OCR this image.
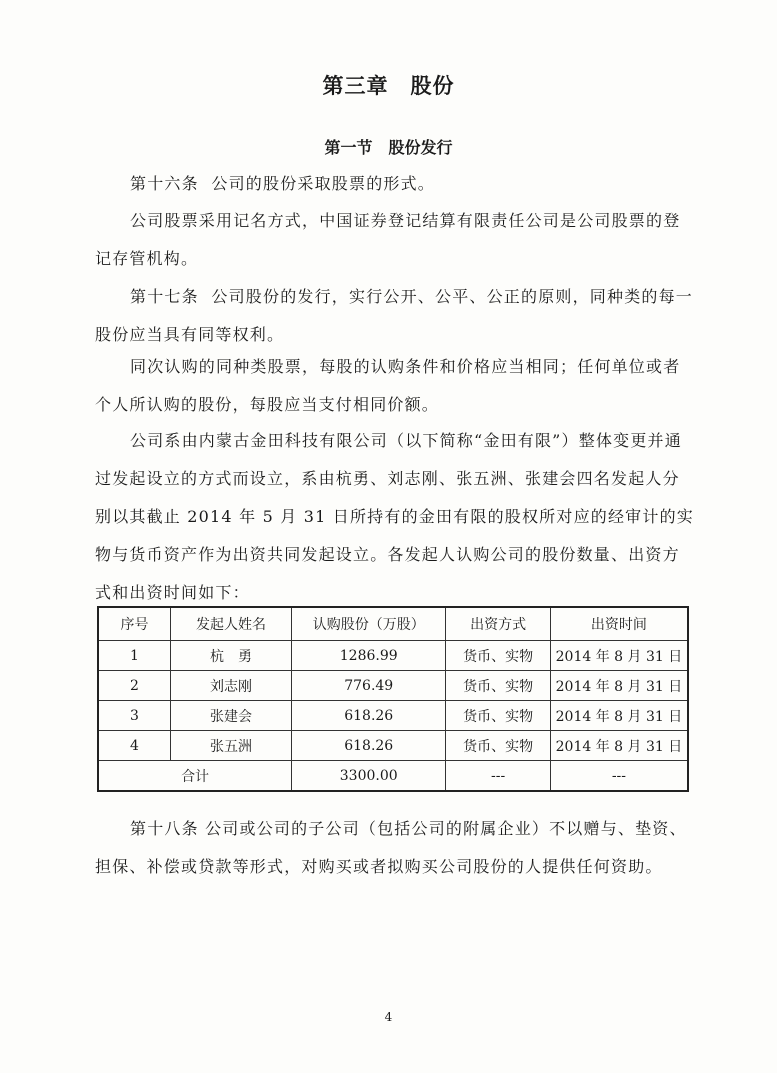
第三章　股份
第一节　股份发行
第十六条 公司的股份采取股票的形式。
公司股票采用记名方式，中国证券登记结算有限责任公司是公司股票的登记存管机构。
第十七条 公司股份的发行，实行公开、公平、公正的原则，同种类的每一股份应当具有同等权利。
同次认购的同种类股票，每股的认购条件和价格应当相同；任何单位或者个人所认购的股份，每股应当支付相同价额。
公司系由内蒙古金田科技有限公司（以下简称“金田有限”）整体变更并通过发起设立的方式而设立，系由杭勇、刘志刚、张五洲、张建会四名发起人分别以其截止 2014 年 5 月 31 日所持有的金田有限的股权所对应的经审计的实物与货币资产作为出资共同发起设立。各发起人认购公司的股份数量、出资方式和出资时间如下：
序号	发起人姓名	认购股份（万股）	出资方式	出资时间
1	杭　勇	1286.99	货币、实物	2014 年 8 月 31 日
2	刘志刚	776.49	货币、实物	2014 年 8 月 31 日
3	张建会	618.26	货币、实物	2014 年 8 月 31 日
4	张五洲	618.26	货币、实物	2014 年 8 月 31 日
合计		3300.00	---	---
第十八条 公司或公司的子公司（包括公司的附属企业）不以赠与、垫资、担保、补偿或贷款等形式，对购买或者拟购买公司股份的人提供任何资助。
4
